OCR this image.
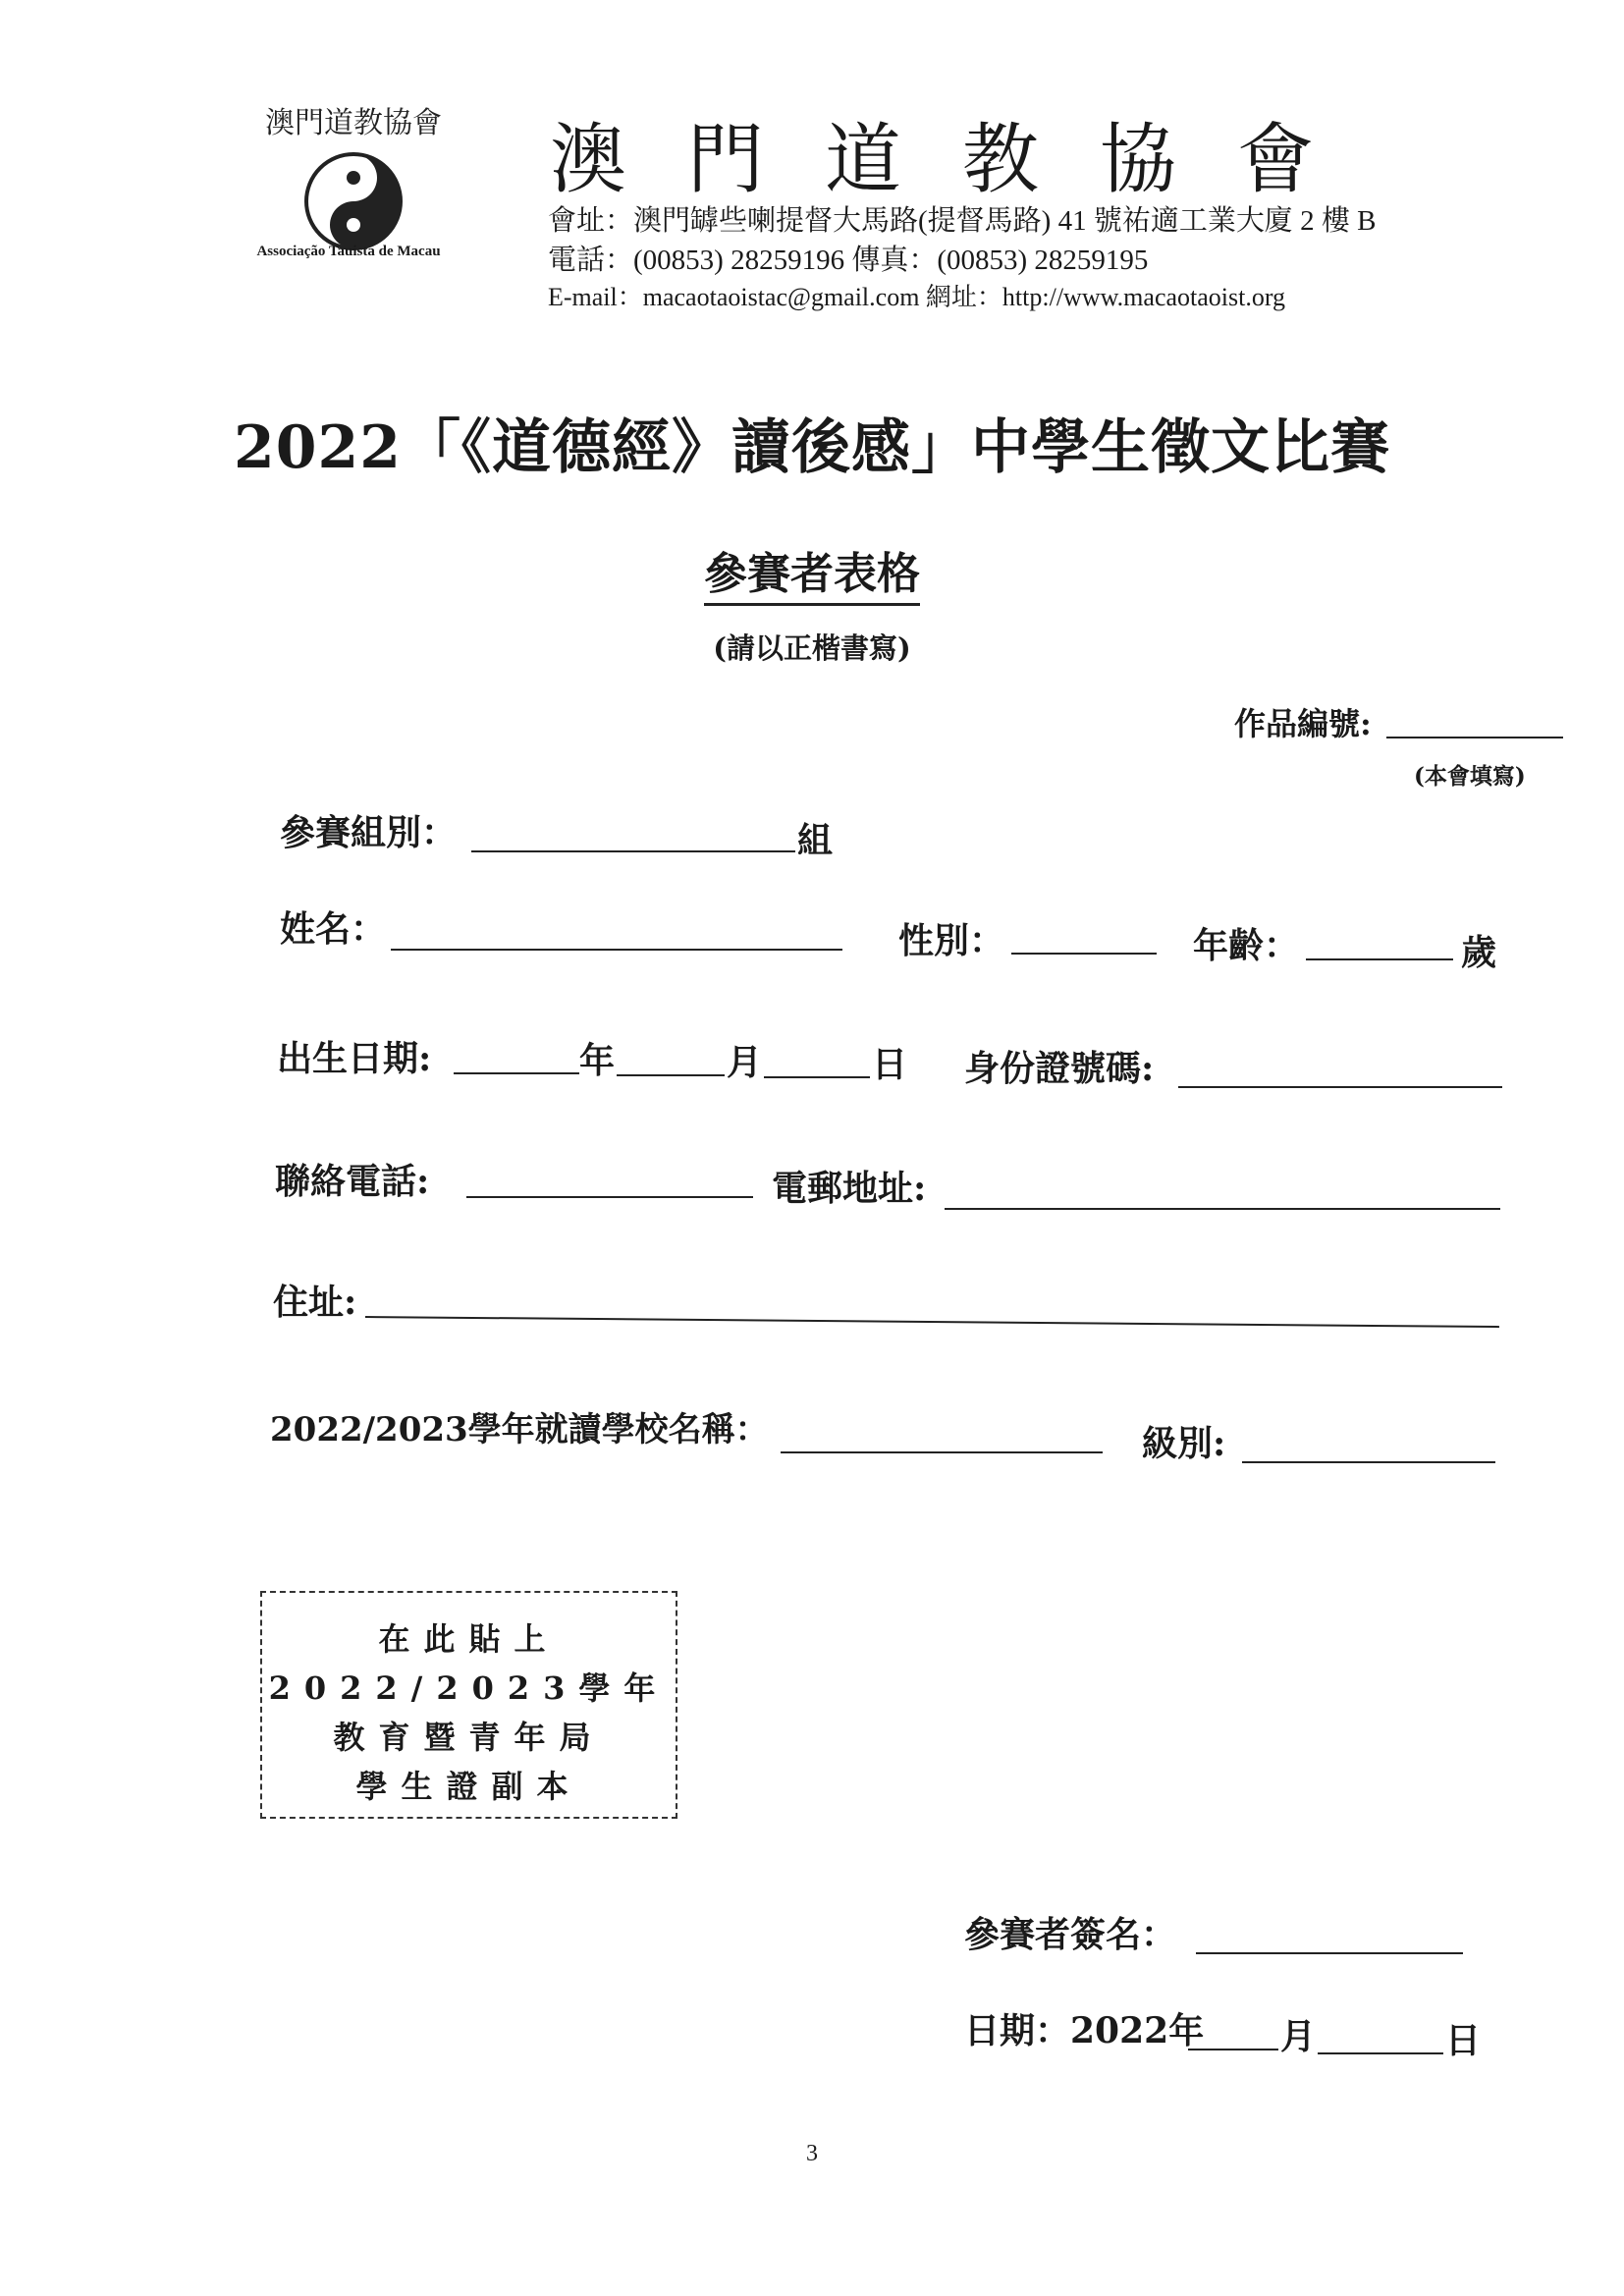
澳門道教協會
Associação Tauista de Macau
澳門道教協會
會址：澳門罅些喇提督大馬路(提督馬路) 41 號祐適工業大廈 2 樓 B
電話：(00853) 28259196 傳真：(00853) 28259195
E-mail：macaotaoistac@gmail.com 網址：http://www.macaotaoist.org
2022「《道德經》讀後感」中學生徵文比賽
參賽者表格
(請以正楷書寫)
作品編號:
(本會填寫)
參賽組別：	組
姓名：	性別：	年齡：	歲
出生日期:	年	月	日 身份證號碼:
聯絡電話:	電郵地址:
住址:
2022/2023學年就讀學校名稱：	級別:
在此貼上
2022/2023學年
教育暨青年局
學生證副本
參賽者簽名：
日期：2022年 月	日
3
